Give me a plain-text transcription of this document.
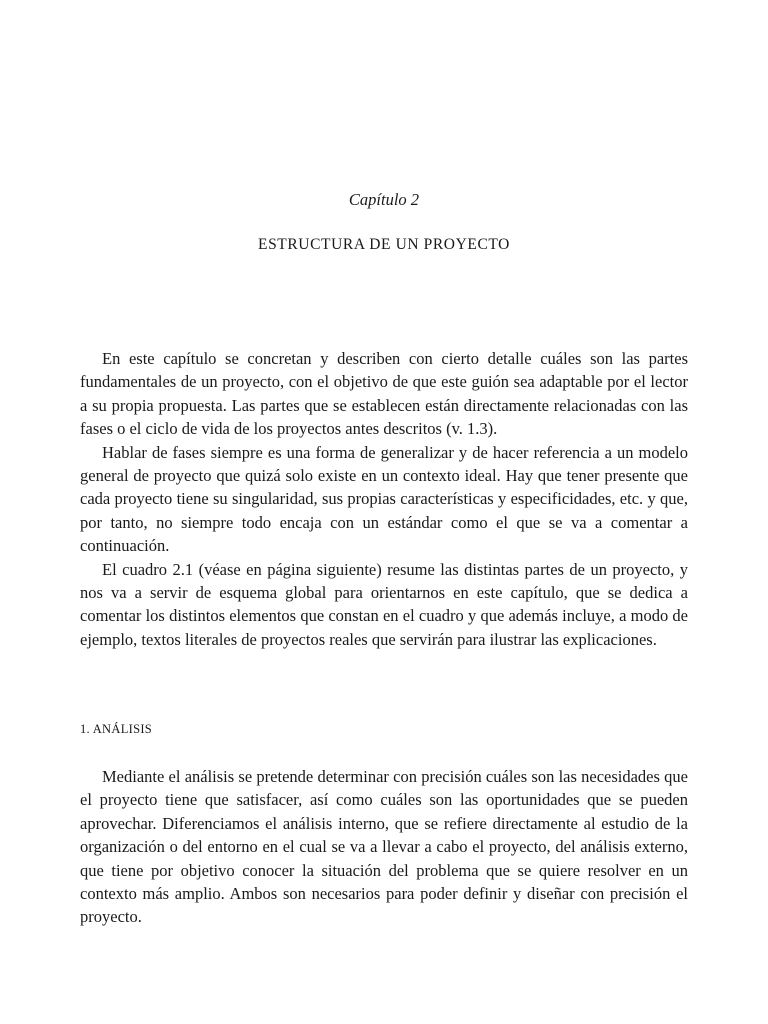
Capítulo 2
ESTRUCTURA DE UN PROYECTO

En este capítulo se concretan y describen con cierto detalle cuáles son las partes fundamentales de un proyecto, con el objetivo de que este guión sea adaptable por el lector a su propia propuesta. Las partes que se establecen están directamente relacionadas con las fases o el ciclo de vida de los proyectos antes descritos (v. 1.3).

Hablar de fases siempre es una forma de generalizar y de hacer referencia a un modelo general de proyecto que quizá solo existe en un contexto ideal. Hay que tener presente que cada proyecto tiene su singularidad, sus propias características y especificidades, etc. y que, por tanto, no siempre todo encaja con un estándar como el que se va a comentar a continuación.

El cuadro 2.1 (véase en página siguiente) resume las distintas partes de un proyecto, y nos va a servir de esquema global para orientarnos en este capítulo, que se dedica a comentar los distintos elementos que constan en el cuadro y que además incluye, a modo de ejemplo, textos literales de proyectos reales que servirán para ilustrar las explicaciones.

1. ANÁLISIS

Mediante el análisis se pretende determinar con precisión cuáles son las necesidades que el proyecto tiene que satisfacer, así como cuáles son las oportunidades que se pueden aprovechar. Diferenciamos el análisis interno, que se refiere directamente al estudio de la organización o del entorno en el cual se va a llevar a cabo el proyecto, del análisis externo, que tiene por objetivo conocer la situación del problema que se quiere resolver en un contexto más amplio. Ambos son necesarios para poder definir y diseñar con precisión el proyecto.
